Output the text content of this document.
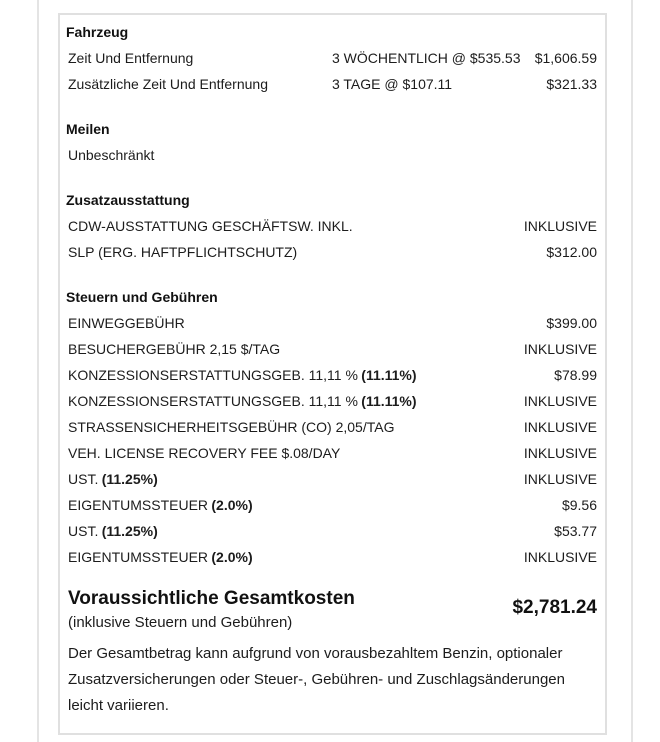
Fahrzeug
Zeit Und Entfernung	3 WÖCHENTLICH @ $535.53	$1,606.59
Zusätzliche Zeit Und Entfernung	3 TAGE @ $107.11	$321.33
Meilen
Unbeschränkt
Zusatzausstattung
CDW-AUSSTATTUNG GESCHÄFTSW. INKL.	INKLUSIVE
SLP (ERG. HAFTPFLICHTSCHUTZ)	$312.00
Steuern und Gebühren
EINWEGGEBÜHR	$399.00
BESUCHERGEBÜHR 2,15 $/TAG	INKLUSIVE
KONZESSIONSERSTATTUNGSGEB. 11,11 % (11.11%)	$78.99
KONZESSIONSERSTATTUNGSGEB. 11,11 % (11.11%)	INKLUSIVE
STRASSENSICHERHEITSGEBÜHR (CO) 2,05/TAG	INKLUSIVE
VEH. LICENSE RECOVERY FEE $.08/DAY	INKLUSIVE
UST. (11.25%)	INKLUSIVE
EIGENTUMSSTEUER (2.0%)	$9.56
UST. (11.25%)	$53.77
EIGENTUMSSTEUER (2.0%)	INKLUSIVE
Voraussichtliche Gesamtkosten
(inklusive Steuern und Gebühren)
$2,781.24
Der Gesamtbetrag kann aufgrund von vorausbezahltem Benzin, optionaler Zusatzversicherungen oder Steuer-, Gebühren- und Zuschlagsänderungen leicht variieren.
